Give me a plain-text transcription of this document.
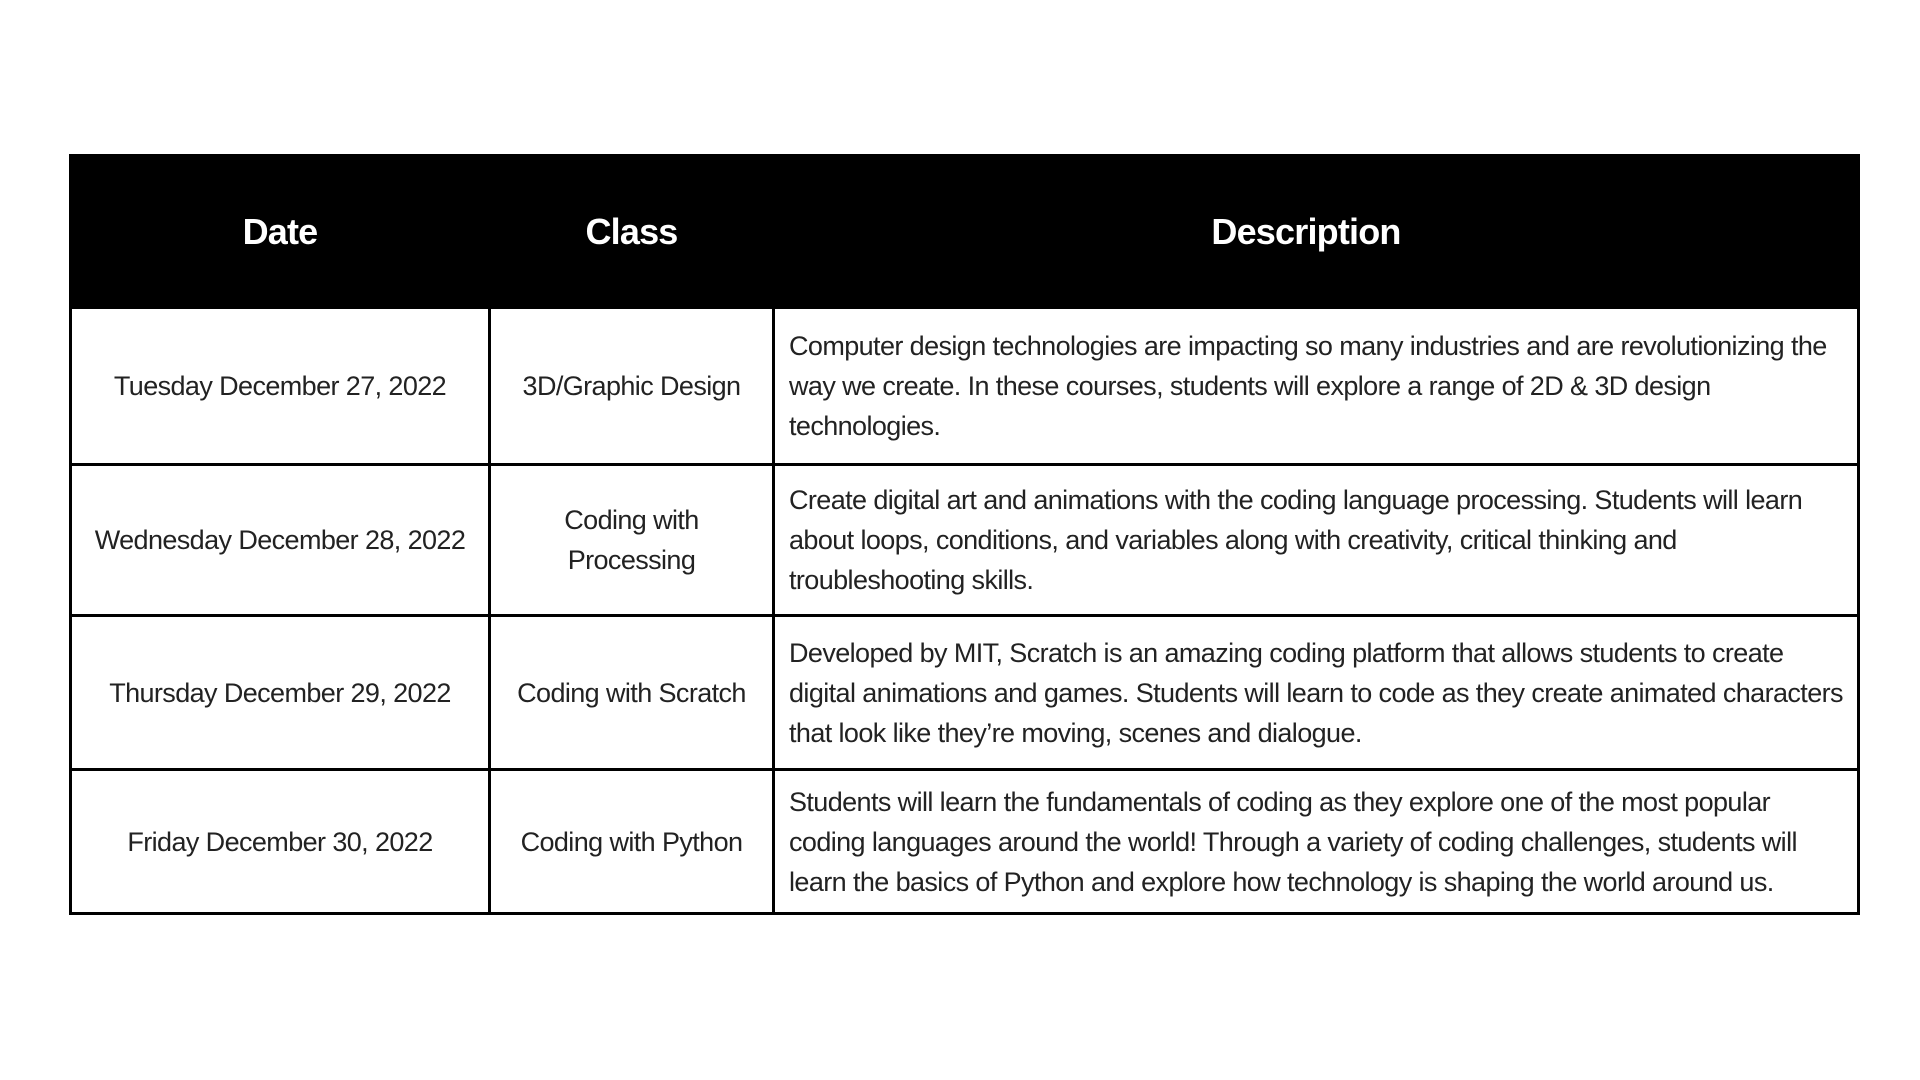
Date	Class	Description
Tuesday December 27, 2022	3D/Graphic Design	Computer design technologies are impacting so many industries and are revolutionizing the way we create. In these courses, students will explore a range of 2D & 3D design technologies.
Wednesday December 28, 2022	Coding with Processing	Create digital art and animations with the coding language processing. Students will learn about loops, conditions, and variables along with creativity, critical thinking and troubleshooting skills.
Thursday December 29, 2022	Coding with Scratch	Developed by MIT, Scratch is an amazing coding platform that allows students to create digital animations and games. Students will learn to code as they create animated characters that look like they’re moving, scenes and dialogue.
Friday December 30, 2022	Coding with Python	Students will learn the fundamentals of coding as they explore one of the most popular coding languages around the world! Through a variety of coding challenges, students will learn the basics of Python and explore how technology is shaping the world around us.
